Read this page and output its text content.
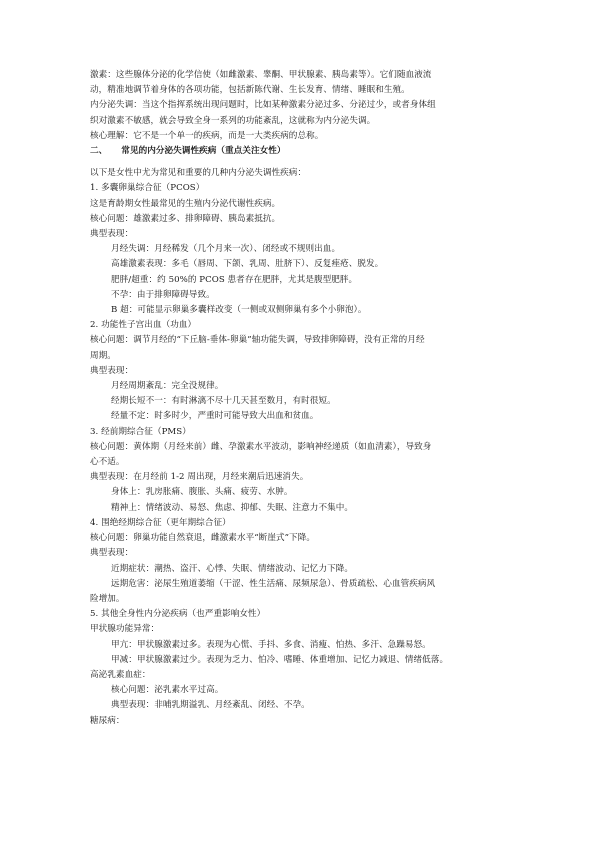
激素：这些腺体分泌的化学信使（如雌激素、睾酮、甲状腺素、胰岛素等）。它们随血液流

动，精准地调节着身体的各项功能，包括新陈代谢、生长发育、情绪、睡眠和生殖。

内分泌失调：当这个指挥系统出现问题时，比如某种激素分泌过多、分泌过少，或者身体组

织对激素不敏感，就会导致全身一系列的功能紊乱，这就称为内分泌失调。

核心理解：它不是一个单一的疾病，而是一大类疾病的总称。

二、 常见的内分泌失调性疾病（重点关注女性）

以下是女性中尤为常见和重要的几种内分泌失调性疾病：

1. 多囊卵巢综合征（PCOS）

这是育龄期女性最常见的生殖内分泌代谢性疾病。

核心问题：雄激素过多、排卵障碍、胰岛素抵抗。

典型表现：

月经失调：月经稀发（几个月来一次）、闭经或不规则出血。

高雄激素表现：多毛（唇周、下颌、乳周、肚脐下）、反复痤疮、脱发。

肥胖/超重：约 50%的 PCOS 患者存在肥胖，尤其是腹型肥胖。

不孕：由于排卵障碍导致。

B 超：可能显示卵巢多囊样改变（一侧或双侧卵巢有多个小卵泡）。

2. 功能性子宫出血（功血）

核心问题：调节月经的“下丘脑-垂体-卵巢”轴功能失调，导致排卵障碍，没有正常的月经

周期。

典型表现：

月经周期紊乱：完全没规律。

经期长短不一：有时淋漓不尽十几天甚至数月，有时很短。

经量不定：时多时少，严重时可能导致大出血和贫血。

3. 经前期综合征（PMS）

核心问题：黄体期（月经来前）雌、孕激素水平波动，影响神经递质（如血清素），导致身

心不适。

典型表现：在月经前 1-2 周出现，月经来潮后迅速消失。

身体上：乳房胀痛、腹胀、头痛、疲劳、水肿。

精神上：情绪波动、易怒、焦虑、抑郁、失眠、注意力不集中。

4. 围绝经期综合征（更年期综合征）

核心问题：卵巢功能自然衰退，雌激素水平“断崖式”下降。

典型表现：

近期症状：潮热、盗汗、心悸、失眠、情绪波动、记忆力下降。

远期危害：泌尿生殖道萎缩（干涩、性生活痛、尿频尿急）、骨质疏松、心血管疾病风

险增加。

5. 其他全身性内分泌疾病（也严重影响女性）

甲状腺功能异常：

甲亢：甲状腺激素过多。表现为心慌、手抖、多食、消瘦、怕热、多汗、急躁易怒。

甲减：甲状腺激素过少。表现为乏力、怕冷、嗜睡、体重增加、记忆力减退、情绪低落。

高泌乳素血症：

核心问题：泌乳素水平过高。

典型表现：非哺乳期溢乳、月经紊乱、闭经、不孕。

糖尿病：
